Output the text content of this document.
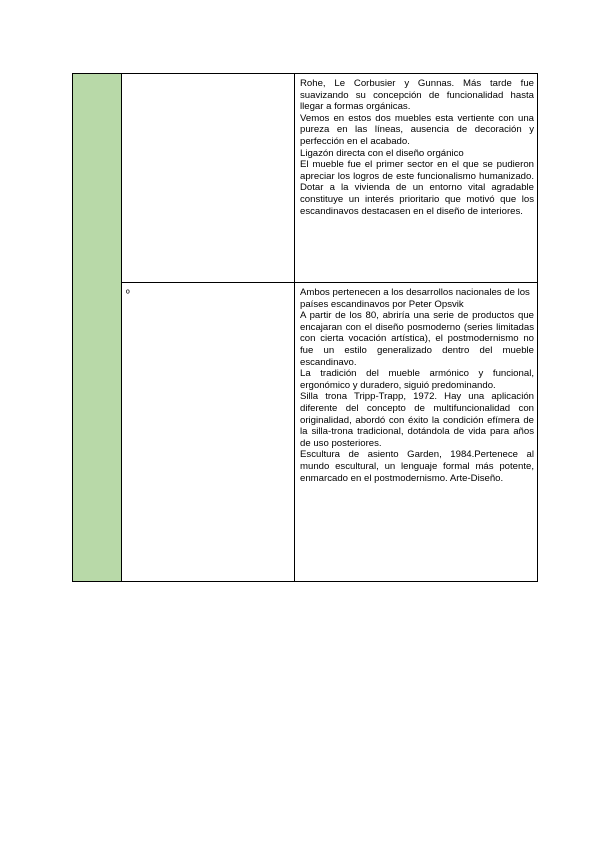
		Rohe, Le Corbusier y Gunnas. Más tarde fue suavizando su concepción de funcionalidad hasta llegar a formas orgánicas.

Vemos en estos dos muebles esta vertiente con una pureza en las líneas, ausencia de decoración y perfección en el acabado.

Ligazón directa con el diseño orgánico

El mueble fue el primer sector en el que se pudieron apreciar los logros de este funcionalismo humanizado. Dotar a la vivienda de un entorno vital agradable constituye un interés prioritario que motivó que los escandinavos destacasen en el diseño de interiores.

	º	Ambos pertenecen a los desarrollos nacionales de los países escandinavos por Peter Opsvik

A partir de los 80, abriría una serie de productos que encajaran con el diseño posmoderno (series limitadas con cierta vocación artística), el postmodernismo no fue un estilo generalizado dentro del mueble escandinavo.

La tradición del mueble armónico y funcional, ergonómico y duradero, siguió predominando.

Silla trona Tripp-Trapp, 1972. Hay una aplicación diferente del concepto de multifuncionalidad con originalidad, abordó con éxito la condición efímera de la silla-trona tradicional, dotándola de vida para años de uso posteriores.

Escultura de asiento Garden, 1984.Pertenece al mundo escultural, un lenguaje formal más potente, enmarcado en el postmodernismo. Arte-Diseño.
